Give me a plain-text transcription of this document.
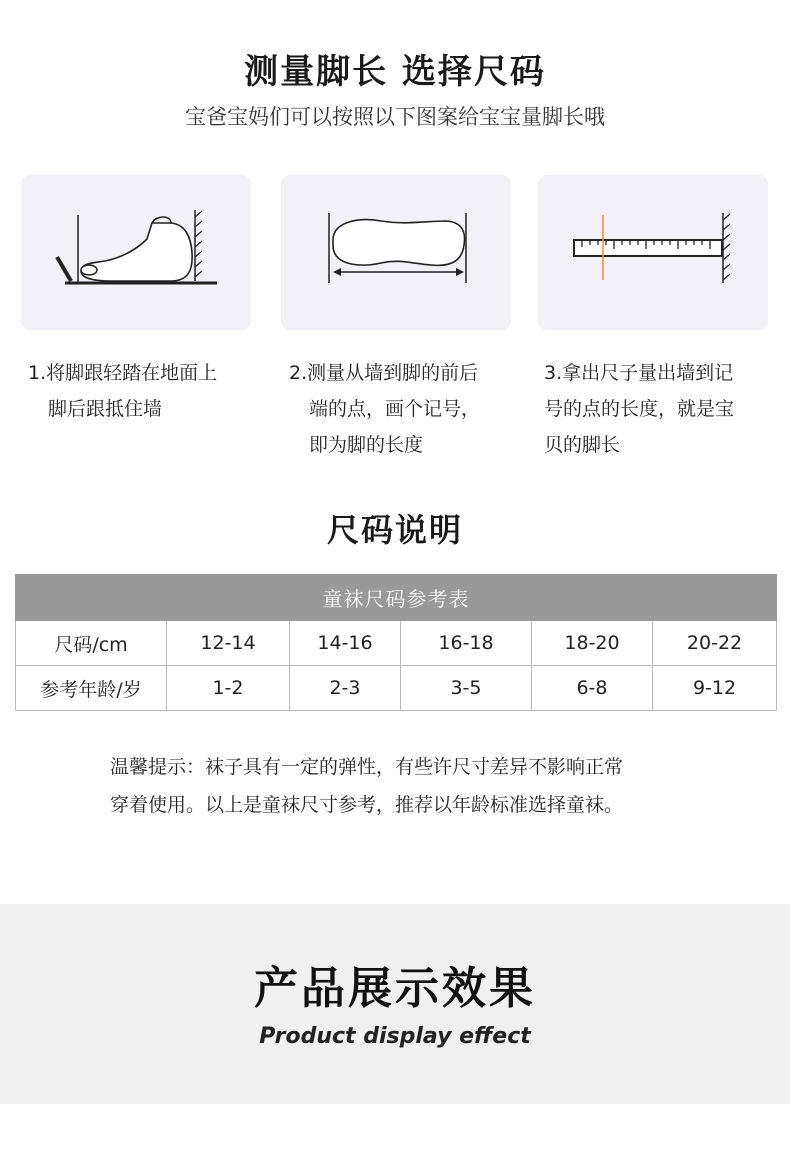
测量脚长 选择尺码
宝爸宝妈们可以按照以下图案给宝宝量脚长哦
1.将脚跟轻踏在地面上
脚后跟抵住墙
2.测量从墙到脚的前后
端的点，画个记号，
即为脚的长度
3.拿出尺子量出墙到记
号的点的长度，就是宝
贝的脚长
尺码说明
童袜尺码参考表					
尺码/cm	12-14	14-16	16-18	18-20	20-22
参考年龄/岁	1-2	2-3	3-5	6-8	9-12
温馨提示：袜子具有一定的弹性，有些许尺寸差异不影响正常
穿着使用。以上是童袜尺寸参考，推荐以年龄标准选择童袜。
产品展示效果
Product display effect
